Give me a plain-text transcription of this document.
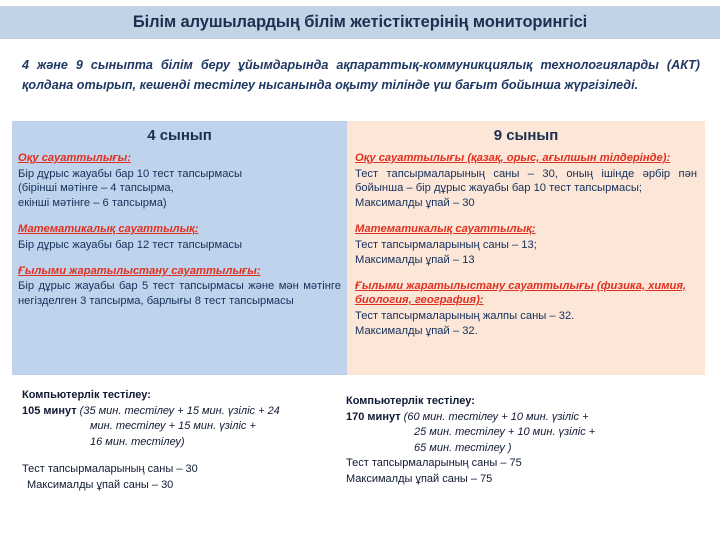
Білім алушылардың білім жетістіктерінің мониторингісі
4 және 9 сыныпта білім беру ұйымдарында ақпараттық-коммуникциялық технологияларды (АКТ) қолдана отырып, кешенді тестілеу нысанында оқыту тілінде үш бағыт бойынша жүргізіледі.
4 сынып
Оқу сауаттылығы:
Бір дұрыс жауабы бар 10 тест тапсырмасы
(бірінші мәтінге – 4 тапсырма,
екінші мәтінге – 6 тапсырма)
Математикалық сауаттылық:
Бір дұрыс жауабы бар 12 тест тапсырмасы
Ғылыми жаратылыстану сауаттылығы:
Бір дұрыс жауабы бар 5 тест тапсырмасы және мән мәтінге негізделген 3 тапсырма, барлығы 8 тест тапсырмасы
9 сынып
Оқу сауаттылығы (қазақ, орыс, ағылшын тілдерінде):
Тест тапсырмаларының саны – 30, оның ішінде әрбір пән бойынша – бір дұрыс жауабы бар 10 тест тапсырмасы;
Максималды ұпай – 30
Математикалық сауаттылық:
Тест тапсырмаларының саны – 13;
Максималды ұпай – 13
Ғылыми жаратылыстану сауаттылығы (физика, химия, биология, география):
Тест тапсырмаларының жалпы саны – 32.
Максималды ұпай – 32.
Компьютерлік тестілеу:
105 минут (35 мин. тестілеу + 15 мин. үзіліс + 24
мин. тестілеу + 15 мин. үзіліс +
16 мин. тестілеу)
Тест тапсырмаларының саны – 30
Максималды ұпай саны – 30
Компьютерлік тестілеу:
170 минут (60 мин. тестілеу + 10 мин. үзіліс +
25 мин. тестілеу + 10 мин. үзіліс +
65 мин. тестілеу )
Тест тапсырмаларының саны – 75
Максималды ұпай саны – 75
